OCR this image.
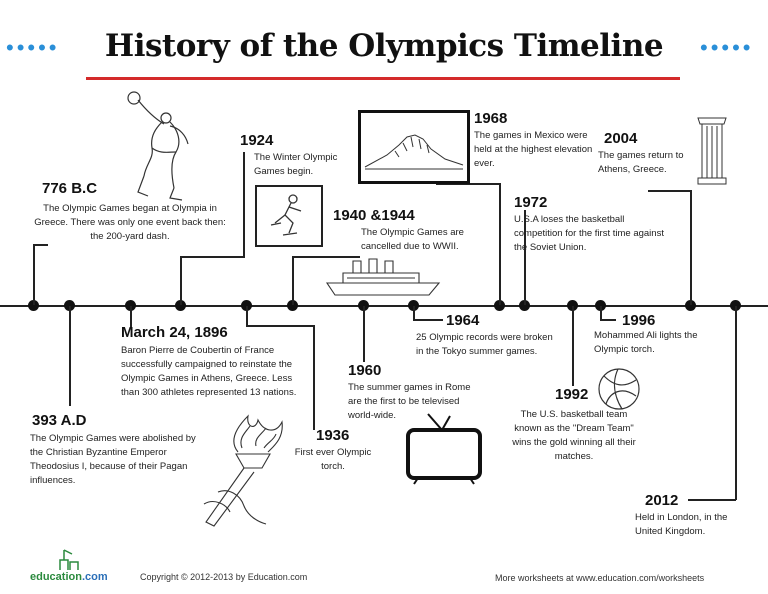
•••••	History of the Olympics Timeline	•••••
776 B.C
The Olympic Games began at Olympia in Greece. There was only one event back then: the 200-yard dash.
393 A.D
The Olympic Games were abolished by the Christian Byzantine Emperor Theodosius I, because of their Pagan influences.
March 24, 1896
Baron Pierre de Coubertin of France successfully campaigned to reinstate the Olympic Games in Athens, Greece. Less than 300 athletes represented 13 nations.
1924
The Winter Olympic Games begin.
1936
First ever Olympic torch.
1940 &1944
The Olympic Games are cancelled due to WWII.
1960
The summer games in Rome are the first to be televised world-wide.
1964
25 Olympic records were broken in the Tokyo summer games.
1968
The games in Mexico were held at the highest elevation ever.
1972
U.S.A loses the basketball competition for the first time against the Soviet Union.
1992
The U.S. basketball team known as the "Dream Team" wins the gold winning all their matches.
1996
Mohammed Ali lights the Olympic torch.
2004
The games return to Athens, Greece.
2012
Held in London, in the United Kingdom.
education.com	Copyright © 2012-2013 by Education.com	More worksheets at www.education.com/worksheets
